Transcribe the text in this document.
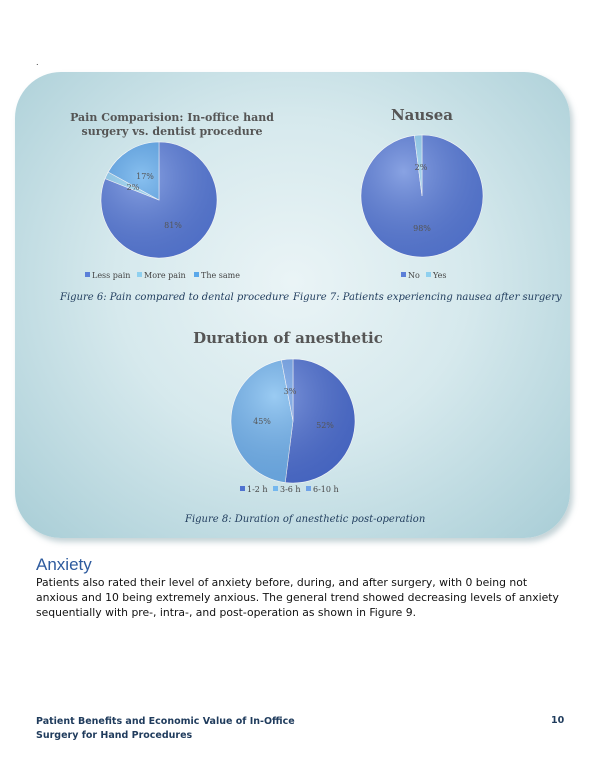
.
Pain Comparision: In-office hand
surgery vs. dentist procedure
81%
2%
17%
Less pain More pain The same
Nausea
98%
2%
No Yes
Duration of anesthetic
52%
45%
3%
1-2 h 3-6 h 6-10 h
Figure 6: Pain compared to dental procedure Figure 7: Patients experiencing nausea after surgery
Figure 8: Duration of anesthetic post-operation
Anxiety
Patients also rated their level of anxiety before, during, and after surgery, with 0 being not anxious and 10 being extremely anxious. The general trend showed decreasing levels of anxiety sequentially with pre-, intra-, and post-operation as shown in Figure 9.
Patient Benefits and Economic Value of In-Office
Surgery for Hand Procedures
10
